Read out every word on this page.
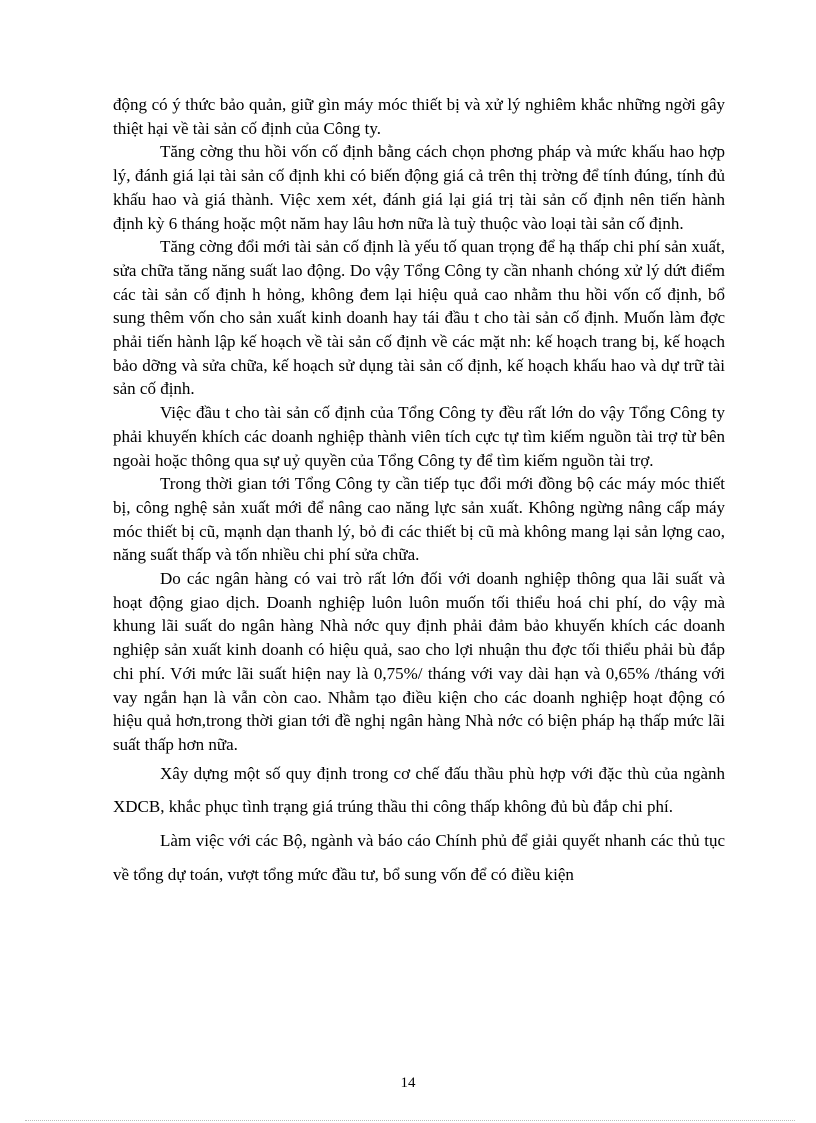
động có ý thức bảo quản, giữ gìn máy móc thiết bị và xử lý nghiêm khắc những ngời gây thiệt hại về tài sản cố định của Công ty.

Tăng cờng thu hồi vốn cố định bằng cách chọn phơng pháp và mức khấu hao hợp lý, đánh giá lại tài sản cố định khi có biến động giá cả trên thị trờng để tính đúng, tính đủ khấu hao và giá thành. Việc xem xét, đánh giá lại giá trị tài sản cố định nên tiến hành định kỳ 6 tháng hoặc một năm hay lâu hơn nữa là tuỳ thuộc vào loại tài sản cố định.

Tăng cờng đổi mới tài sản cố định là yếu tố quan trọng để hạ thấp chi phí sản xuất, sửa chữa tăng năng suất lao động. Do vậy Tổng Công ty cần nhanh chóng xử lý dứt điểm các tài sản cố định h hỏng, không đem lại hiệu quả cao nhằm thu hồi vốn cố định, bổ sung thêm vốn cho sản xuất kinh doanh hay tái đầu t cho tài sản cố định. Muốn làm đợc phải tiến hành lập kế hoạch về tài sản cố định về các mặt nh: kế hoạch trang bị, kế hoạch bảo dỡng và sửa chữa, kế hoạch sử dụng tài sản cố định, kế hoạch khấu hao và dự trữ tài sản cố định.

Việc đầu t cho tài sản cố định của Tổng Công ty đều rất lớn do vậy Tổng Công ty phải khuyến khích các doanh nghiệp thành viên tích cực tự tìm kiếm nguồn tài trợ từ bên ngoài hoặc thông qua sự uỷ quyền của Tổng Công ty để tìm kiếm nguồn tài trợ.

Trong thời gian tới Tổng Công ty cần tiếp tục đổi mới đồng bộ các máy móc thiết bị, công nghệ sản xuất mới để nâng cao năng lực sản xuất. Không ngừng nâng cấp máy móc thiết bị cũ, mạnh dạn thanh lý, bỏ đi các thiết bị cũ mà không mang lại sản lợng cao, năng suất thấp và tốn nhiều chi phí sửa chữa.

Do các ngân hàng có vai trò rất lớn đối với doanh nghiệp thông qua lãi suất và hoạt động giao dịch. Doanh nghiệp luôn luôn muốn tối thiểu hoá chi phí, do vậy mà khung lãi suất do ngân hàng Nhà nớc quy định phải đảm bảo khuyến khích các doanh nghiệp sản xuất kinh doanh có hiệu quả, sao cho lợi nhuận thu đợc tối thiểu phải bù đắp chi phí. Với mức lãi suất hiện nay là 0,75%/ tháng với vay dài hạn và 0,65% /tháng với vay ngắn hạn là vẫn còn cao. Nhằm tạo điều kiện cho các doanh nghiệp hoạt động có hiệu quả hơn,trong thời gian tới đề nghị ngân hàng Nhà nớc có biện pháp hạ thấp mức lãi suất thấp hơn nữa.

Xây dựng một số quy định trong cơ chế đấu thầu phù hợp với đặc thù của ngành XDCB, khắc phục tình trạng giá trúng thầu thi công thấp không đủ bù đắp chi phí.

Làm việc với các Bộ, ngành và báo cáo Chính phủ để giải quyết nhanh các thủ tục về tổng dự toán, vượt tổng mức đầu tư, bổ sung vốn để có điều kiện

14
